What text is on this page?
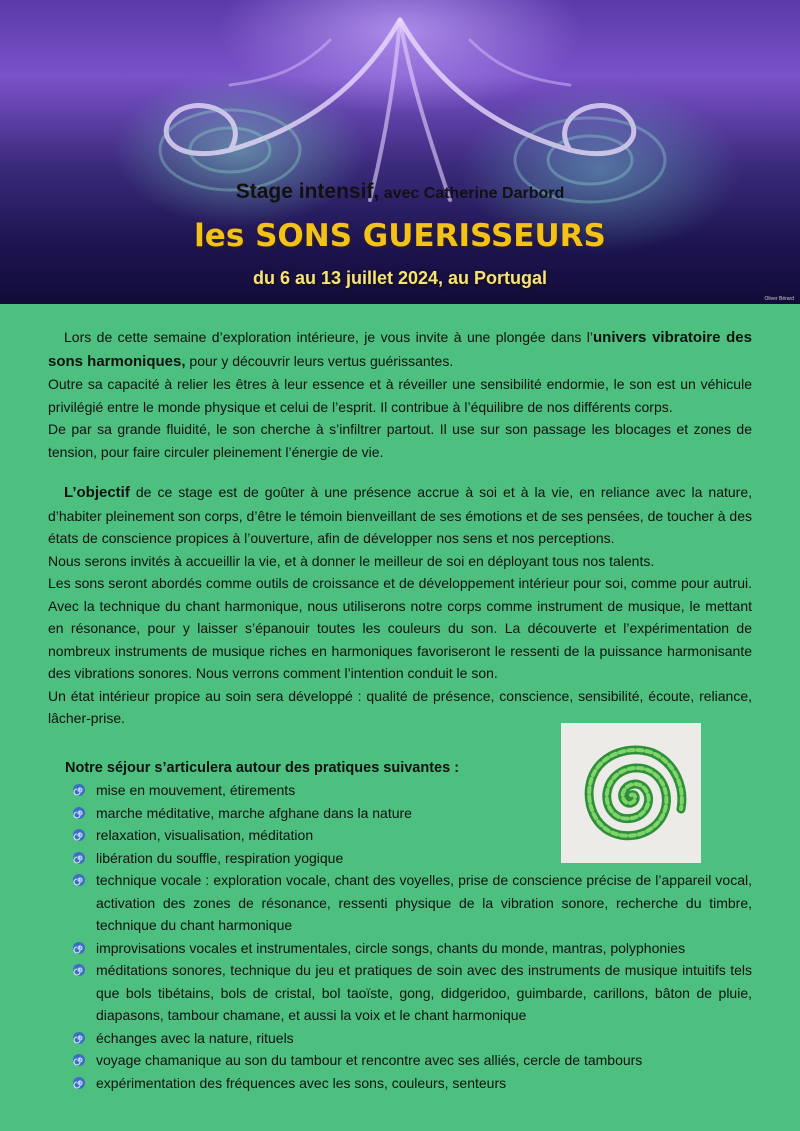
Stage intensif, avec Catherine Darbord
les SONS GUERISSEURS
du 6 au 13 juillet 2024, au Portugal
Oliver Bérard

Lors de cette semaine d’exploration intérieure, je vous invite à une plongée dans l’univers vibratoire des sons harmoniques, pour y découvrir leurs vertus guérissantes.

Outre sa capacité à relier les êtres à leur essence et à réveiller une sensibilité endormie, le son est un véhicule privilégié entre le monde physique et celui de l’esprit. Il contribue à l’équilibre de nos différents corps.

De par sa grande fluidité, le son cherche à s’infiltrer partout. Il use sur son passage les blocages et zones de tension, pour faire circuler pleinement l’énergie de vie.

L’objectif de ce stage est de goûter à une présence accrue à soi et à la vie, en reliance avec la nature, d’habiter pleinement son corps, d’être le témoin bienveillant de ses émotions et de ses pensées, de toucher à des états de conscience propices à l’ouverture, afin de développer nos sens et nos perceptions.

Nous serons invités à accueillir la vie, et à donner le meilleur de soi en déployant tous nos talents.

Les sons seront abordés comme outils de croissance et de développement intérieur pour soi, comme pour autrui. Avec la technique du chant harmonique, nous utiliserons notre corps comme instrument de musique, le mettant en résonance, pour y laisser s’épanouir toutes les couleurs du son. La découverte et l’expérimentation de nombreux instruments de musique riches en harmoniques favoriseront le ressenti de la puissance harmonisante des vibrations sonores. Nous verrons comment l’intention conduit le son.

Un état intérieur propice au soin sera développé : qualité de présence, conscience, sensibilité, écoute, reliance, lâcher-prise.

Notre séjour s’articulera autour des pratiques suivantes :
mise en mouvement, étirements
marche méditative, marche afghane dans la nature
relaxation, visualisation, méditation
libération du souffle, respiration yogique
technique vocale : exploration vocale, chant des voyelles, prise de conscience précise de l’appareil vocal, activation des zones de résonance, ressenti physique de la vibration sonore, recherche du timbre, technique du chant harmonique
improvisations vocales et instrumentales, circle songs, chants du monde, mantras, polyphonies
méditations sonores, technique du jeu et pratiques de soin avec des instruments de musique intuitifs tels que bols tibétains, bols de cristal, bol taoïste, gong, didgeridoo, guimbarde, carillons, bâton de pluie, diapasons, tambour chamane, et aussi la voix et le chant harmonique
échanges avec la nature, rituels
voyage chamanique au son du tambour et rencontre avec ses alliés, cercle de tambours
expérimentation des fréquences avec les sons, couleurs, senteurs
